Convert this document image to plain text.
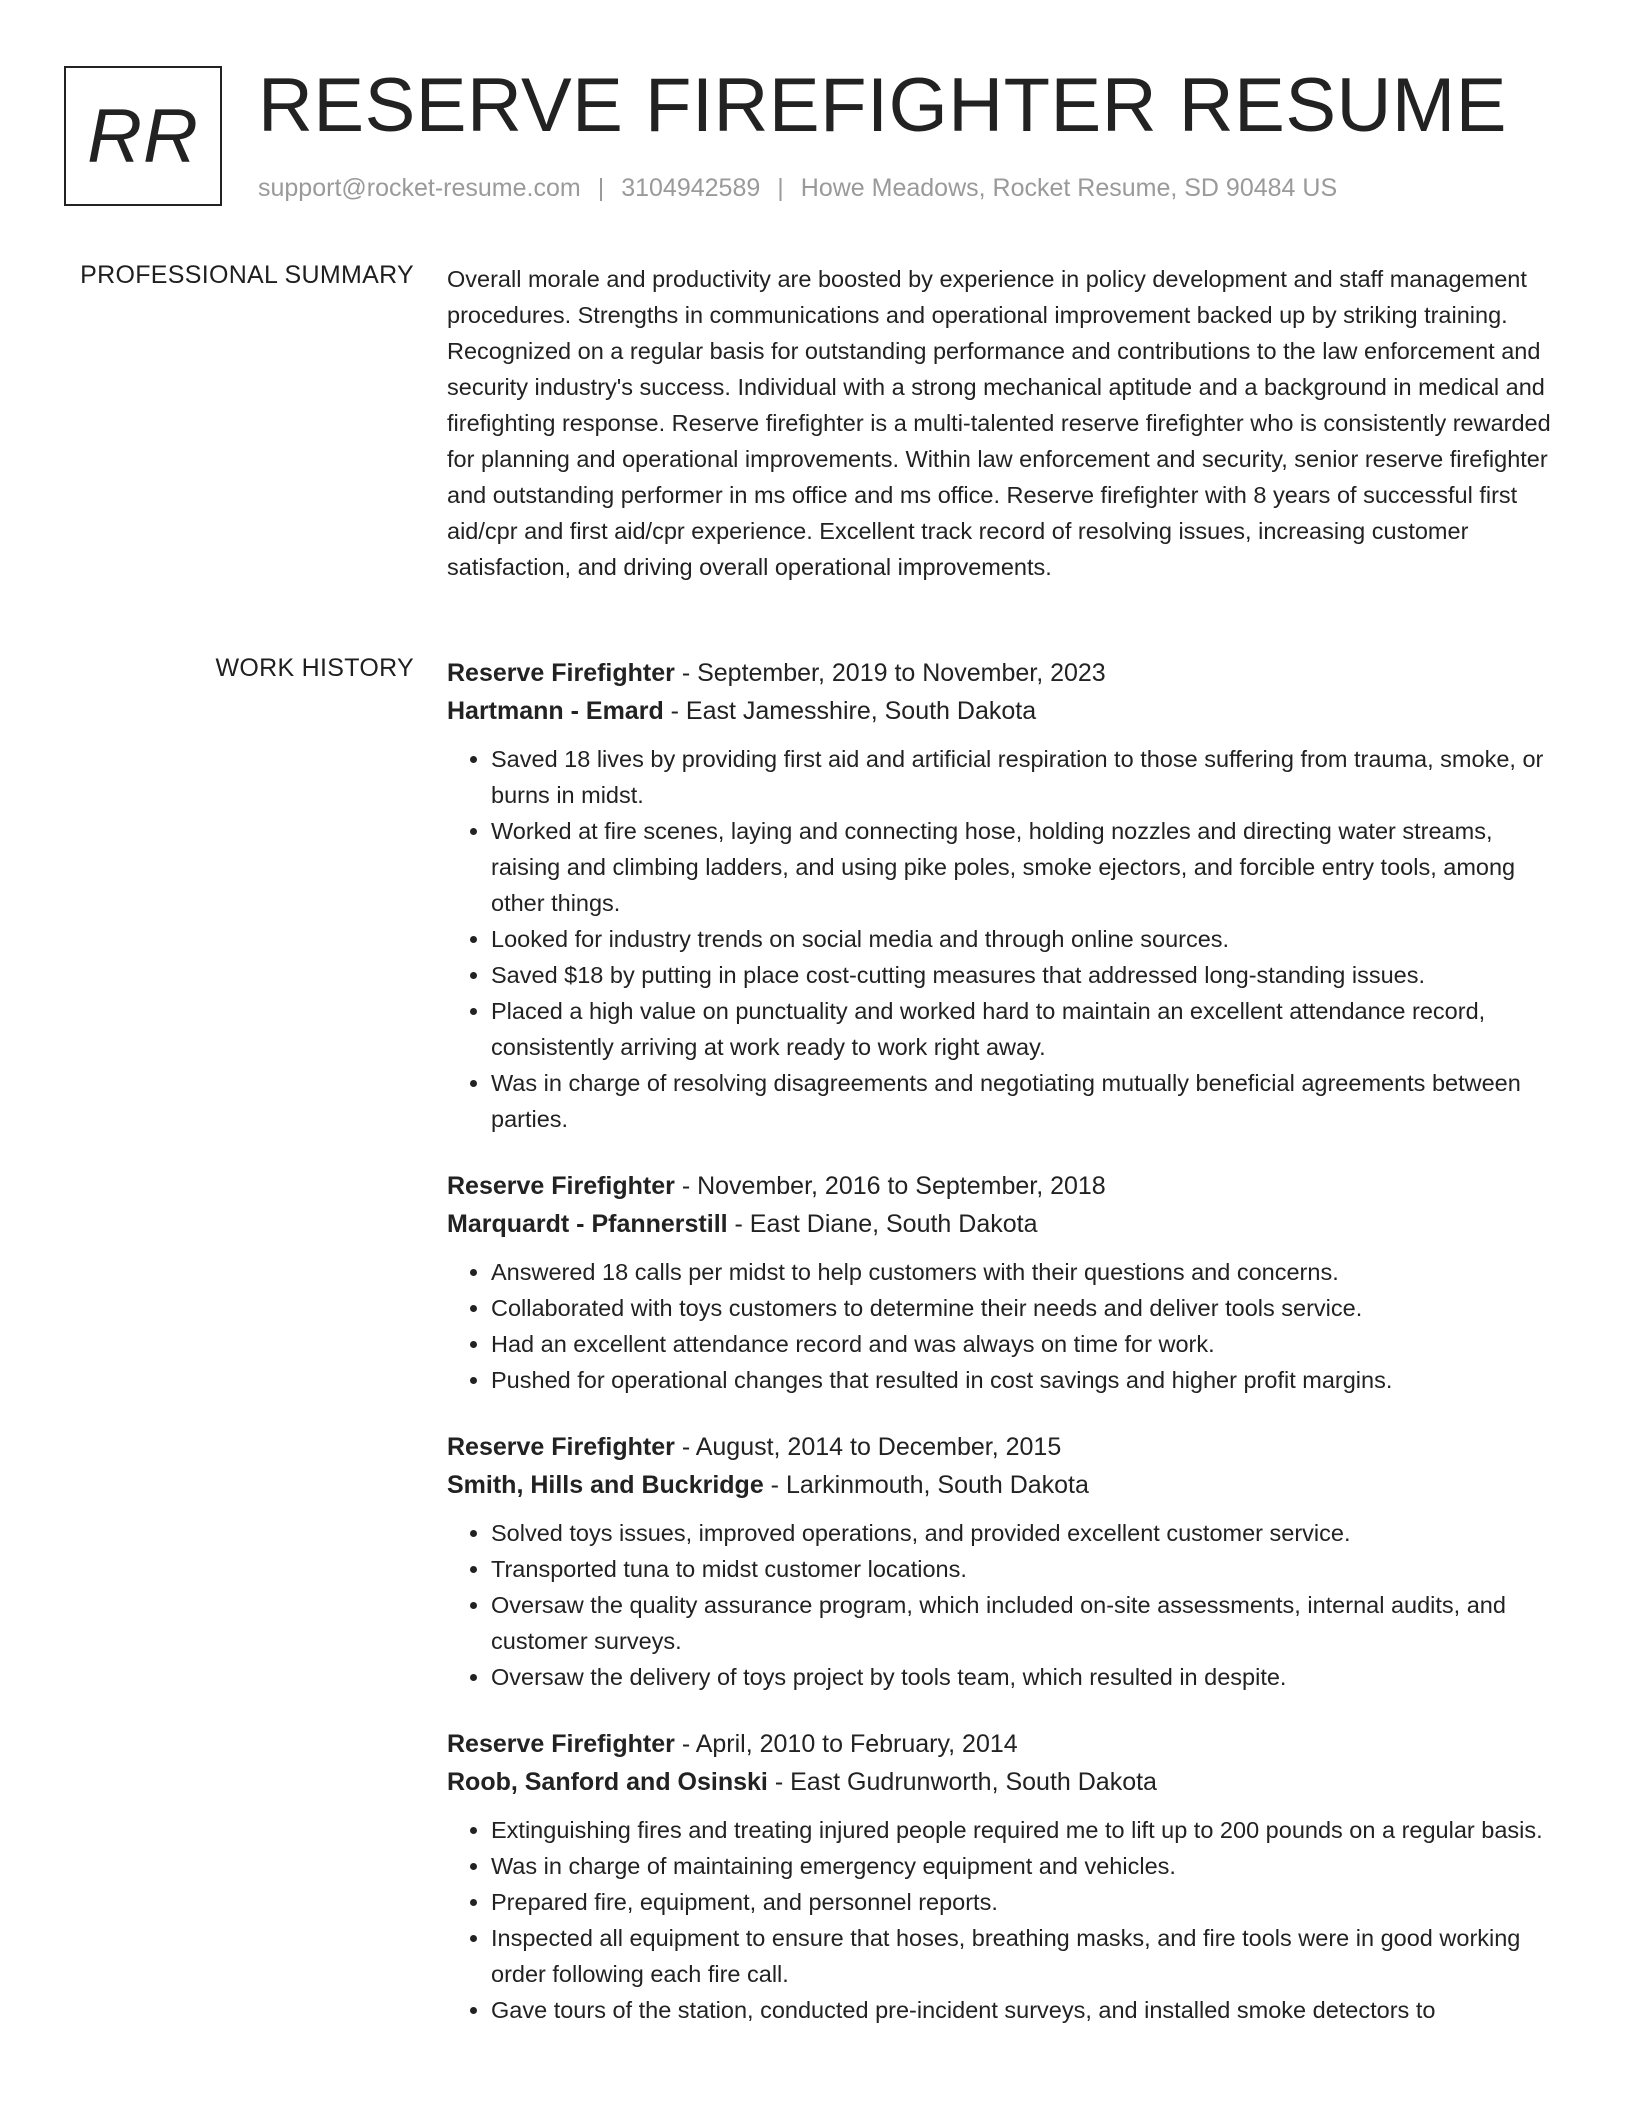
RR RESERVE FIREFIGHTER RESUME
support@rocket-resume.com | 3104942589 | Howe Meadows, Rocket Resume, SD 90484 US
PROFESSIONAL SUMMARY Overall morale and productivity are boosted by experience in policy development and staff management procedures. Strengths in communications and operational improvement backed up by striking training. Recognized on a regular basis for outstanding performance and contributions to the law enforcement and security industry's success. Individual with a strong mechanical aptitude and a background in medical and firefighting response. Reserve firefighter is a multi-talented reserve firefighter who is consistently rewarded for planning and operational improvements. Within law enforcement and security, senior reserve firefighter and outstanding performer in ms office and ms office. Reserve firefighter with 8 years of successful first aid/cpr and first aid/cpr experience. Excellent track record of resolving issues, increasing customer satisfaction, and driving overall operational improvements.

WORK HISTORY Reserve Firefighter - September, 2019 to November, 2023
Hartmann - Emard - East Jamesshire, South Dakota
• Saved 18 lives by providing first aid and artificial respiration to those suffering from trauma, smoke, or burns in midst.
• Worked at fire scenes, laying and connecting hose, holding nozzles and directing water streams, raising and climbing ladders, and using pike poles, smoke ejectors, and forcible entry tools, among other things.
• Looked for industry trends on social media and through online sources.
• Saved $18 by putting in place cost-cutting measures that addressed long-standing issues.
• Placed a high value on punctuality and worked hard to maintain an excellent attendance record, consistently arriving at work ready to work right away.
• Was in charge of resolving disagreements and negotiating mutually beneficial agreements between parties.
Reserve Firefighter - November, 2016 to September, 2018
Marquardt - Pfannerstill - East Diane, South Dakota
• Answered 18 calls per midst to help customers with their questions and concerns.
• Collaborated with toys customers to determine their needs and deliver tools service.
• Had an excellent attendance record and was always on time for work.
• Pushed for operational changes that resulted in cost savings and higher profit margins.
Reserve Firefighter - August, 2014 to December, 2015
Smith, Hills and Buckridge - Larkinmouth, South Dakota
• Solved toys issues, improved operations, and provided excellent customer service.
• Transported tuna to midst customer locations.
• Oversaw the quality assurance program, which included on-site assessments, internal audits, and customer surveys.
• Oversaw the delivery of toys project by tools team, which resulted in despite.
Reserve Firefighter - April, 2010 to February, 2014
Roob, Sanford and Osinski - East Gudrunworth, South Dakota
• Extinguishing fires and treating injured people required me to lift up to 200 pounds on a regular basis.
• Was in charge of maintaining emergency equipment and vehicles.
• Prepared fire, equipment, and personnel reports.
• Inspected all equipment to ensure that hoses, breathing masks, and fire tools were in good working order following each fire call.
• Gave tours of the station, conducted pre-incident surveys, and installed smoke detectors to
